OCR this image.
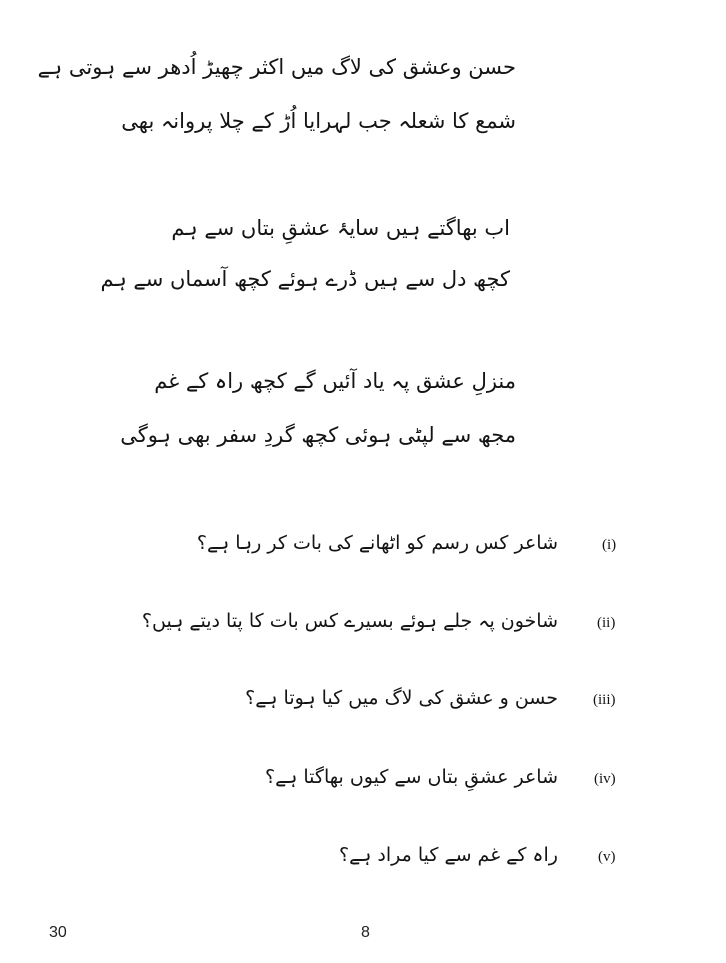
حسن وعشق کی لاگ میں اکثر چھیڑ اُدھر سے ہوتی ہے
شمع کا شعلہ جب لہرایا اُڑ کے چلا پروانہ بھی
اب بھاگتے ہیں سایۂ عشقِ بتاں سے ہم
کچھ دل سے ہیں ڈرے ہوئے کچھ آسماں سے ہم
منزلِ عشق پہ یاد آئیں گے کچھ راہ کے غم
مجھ سے لپٹی ہوئی کچھ گردِ سفر بھی ہوگی
(i)
شاعر کس رسم کو اٹھانے کی بات کر رہا ہے؟
(ii)
شاخون پہ جلے ہوئے بسیرے کس بات کا پتا دیتے ہیں؟
(iii)
حسن و عشق کی لاگ میں کیا ہوتا ہے؟
(iv)
شاعر عشقِ بتاں سے کیوں بھاگتا ہے؟
(v)
راہ کے غم سے کیا مراد ہے؟
30	8
